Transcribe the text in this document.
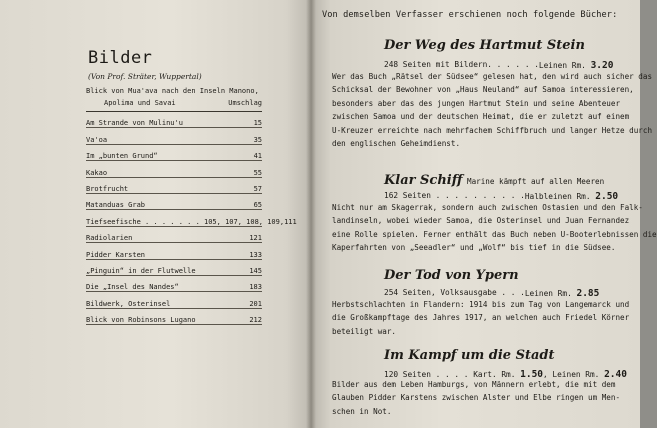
Bilder
(Von Prof. Sträter, Wuppertal)
Blick von Mua'ava nach den Inseln Manono,
Apolima und Savai	Umschlag
Am Strande von Mulinu'u	15
Va'oa	35
Im „bunten Grund“	41
Kakao	55
Brotfrucht	57
Matanduas Grab	65
Tiefseefische . . . . . . . 105, 107, 108, 109, 111
Radiolarien	121
Pidder Karsten	133
„Pinguin“ in der Flutwelle	145
Die „Insel des Nandes“	183
Bildwerk, Osterinsel	201
Blick von Robinsons Lugano	212
Von demselben Verfasser erschienen noch folgende Bücher:
Der Weg des Hartmut Stein
248 Seiten mit Bildern. . . . . . Leinen Rm. 3.20
Wer das Buch „Rätsel der Südsee“ gelesen hat, den wird auch sicher das
Schicksal der Bewohner von „Haus Neuland“ auf Samoa interessieren,
besonders aber das des jungen Hartmut Stein und seine Abenteuer
zwischen Samoa und der deutschen Heimat, die er zuletzt auf einem
U-Kreuzer erreichte nach mehrfachem Schiffbruch und langer Hetze durch
den englischen Geheimdienst.
Klar Schiff Marine kämpft auf allen Meeren
162 Seiten . . . . . . . . . . Halbleinen Rm. 2.50
Nicht nur am Skagerrak, sondern auch zwischen Ostasien und den Falk-
landinseln, wobei wieder Samoa, die Osterinsel und Juan Fernandez
eine Rolle spielen. Ferner enthält das Buch neben U-Booterlebnissen die
Kaperfahrten von „Seeadler“ und „Wolf“ bis tief in die Südsee.
Der Tod von Ypern
254 Seiten, Volksausgabe . . . Leinen Rm. 2.85
Herbstschlachten in Flandern: 1914 bis zum Tag von Langemarck und
die Großkampftage des Jahres 1917, an welchen auch Friedel Körner
beteiligt war.
Im Kampf um die Stadt
120 Seiten . . . . Kart. Rm. 1.50 , Leinen Rm. 2.40
Bilder aus dem Leben Hamburgs, von Männern erlebt, die mit dem
Glauben Pidder Karstens zwischen Alster und Elbe ringen um Men-
schen in Not.
